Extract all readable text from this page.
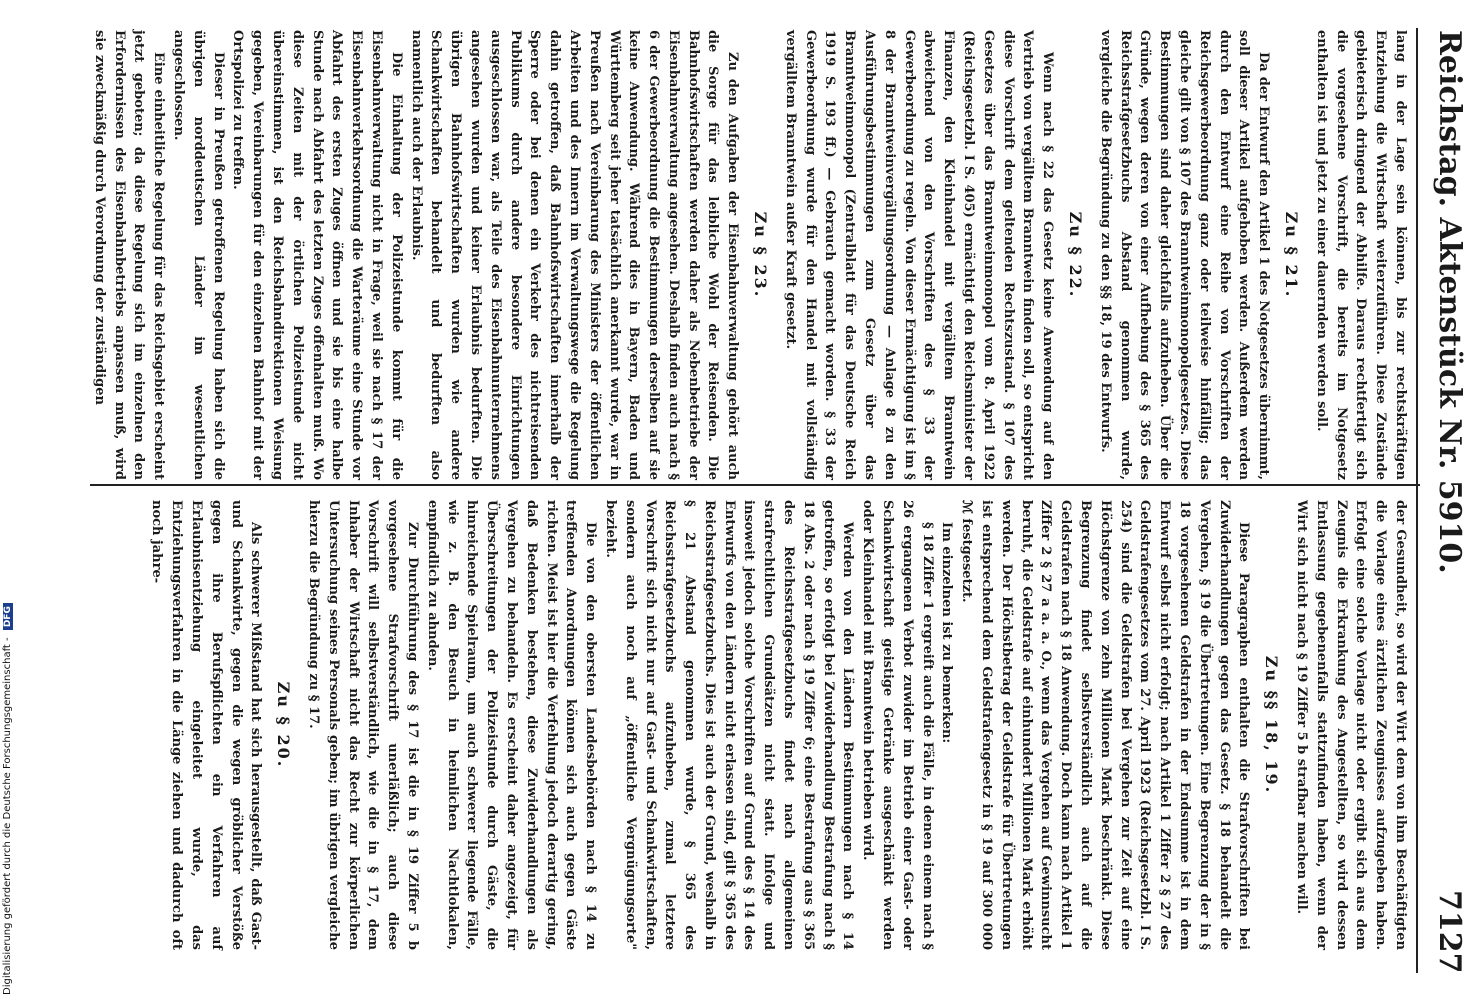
Reichstag. Aktenstück Nr. 5910.
7127

der Gesundheit, so wird der Wirt dem von ihm Beschäftigten die Vorlage eines ärztlichen Zeugnisses aufzugeben haben. Erfolgt eine solche Vorlage nicht oder ergibt sich aus dem Zeugnis die Erkrankung des Angestellten, so wird dessen Entlassung gegebenenfalls stattzufinden haben, wenn der Wirt sich nicht nach § 19 Ziffer 5 b strafbar machen will.

Zu §§ 18, 19.

Diese Paragraphen enthalten die Strafvorschriften bei Zuwiderhandlungen gegen das Gesetz. § 18 behandelt die Vergehen, § 19 die Übertretungen. Eine Begrenzung der in § 18 vorgesehenen Geldstrafen in der Endsumme ist in dem Entwurf selbst nicht erfolgt; nach Artikel 1 Ziffer 2 § 27 des Geldstrafengesetzes vom 27. April 1923 (Reichsgesetzbl. I S. 254) sind die Geldstrafen bei Vergehen zur Zeit auf eine Höchstgrenze von zehn Millionen Mark beschränkt. Diese Begrenzung findet selbstverständlich auch auf die Geldstrafen nach § 18 Anwendung. Doch kann nach Artikel 1 Ziffer 2 § 27 a a. a. O., wenn das Vergehen auf Gewinnsucht beruht, die Geldstrafe auf einhundert Millionen Mark erhöht werden. Der Höchstbetrag der Geldstrafe für Übertretungen ist entsprechend dem Geldstrafengesetz in § 19 auf 300 000 ℳ festgesetzt.

Im einzelnen ist zu bemerken:

§ 18 Ziffer 1 ergreift auch die Fälle, in denen einem nach § 26 ergangenen Verbot zuwider im Betrieb einer Gast- oder Schankwirtschaft geistige Getränke ausgeschänkt werden oder Kleinhandel mit Branntwein betrieben wird.

Werden von den Ländern Bestimmungen nach § 14 getroffen, so erfolgt bei Zuwiderhandlung Bestrafung nach § 18 Abs. 2 oder nach § 19 Ziffer 6; eine Bestrafung aus § 365 des Reichsstrafgesetzbuchs findet nach allgemeinen strafrechtlichen Grundsätzen nicht statt. Infolge und insoweit jedoch solche Vorschriften auf Grund des § 14 des Entwurfs von den Ländern nicht erlassen sind, gilt § 365 des Reichsstrafgesetzbuchs. Dies ist auch der Grund, weshalb in § 21 Abstand genommen wurde, § 365 des Reichsstrafgesetzbuchs aufzuheben, zumal letztere Vorschrift sich nicht nur auf Gast- und Schankwirtschaften, sondern auch noch auf „öffentliche Vergnügungsorte" bezieht.

Die von den obersten Landesbehörden nach § 14 zu treffenden Anordnungen können sich auch gegen Gäste richten. Meist ist hier die Verfehlung jedoch derartig gering, daß Bedenken bestehen, diese Zuwiderhandlungen als Vergehen zu behandeln. Es erscheint daher angezeigt, für Überschreitungen der Polizeistunde durch Gäste, die hinreichende Spielraum, um auch schwerer liegende Fälle, wie z. B. den Besuch in heimlichen Nachtlokalen, empfindlich zu ahnden.

Zur Durchführung des § 17 ist die in § 19 Ziffer 5 b vorgesehene Strafvorschrift unerläßlich; auch diese Vorschrift will selbstverständlich, wie die in § 17, dem Inhaber der Wirtschaft nicht das Recht zur körperlichen Untersuchung seines Personals geben; im übrigen vergleiche hierzu die Begründung zu § 17.

Zu § 20.

Als schwerer Mißstand hat sich herausgestellt, daß Gast- und Schankwirte, gegen die wegen gröblicher Verstöße gegen ihre Berufspflichten ein Verfahren auf Erlaubnisentziehung eingeleitet wurde, das Entziehungsverfahren in die Länge ziehen und dadurch oft noch jahre-

lang in der Lage sein können, bis zur rechtskräftigen Entziehung die Wirtschaft weiterzuführen. Diese Zustände gebieterisch dringend der Abhilfe. Daraus rechtfertigt sich die vorgesehene Vorschrift, die bereits im Notgesetz enthalten ist und jetzt zu einer dauernden werden soll.

Zu § 21.

Da der Entwurf den Artikel 1 des Notgesetzes übernimmt, soll dieser Artikel aufgehoben werden. Außerdem werden durch den Entwurf eine Reihe von Vorschriften der Reichsgewerbeordnung ganz oder teilweise hinfällig; das gleiche gilt von § 107 des Branntweinmonopolgesetzes. Diese Bestimmungen sind daher gleichfalls aufzuheben. Über die Gründe, wegen deren von einer Aufhebung des § 365 des Reichsstrafgesetzbuchs Abstand genommen wurde, vergleiche die Begründung zu den §§ 18, 19 des Entwurfs.

Zu § 22.

Wenn nach § 22 das Gesetz keine Anwendung auf den Vertrieb von vergälltem Branntwein finden soll, so entspricht diese Vorschrift dem geltenden Rechtszustand. § 107 des Gesetzes über das Branntweinmonopol vom 8. April 1922 (Reichsgesetzbl. I S. 405) ermächtigt den Reichsminister der Finanzen, den Kleinhandel mit vergälltem Branntwein abweichend von den Vorschriften des § 33 der Gewerbeordnung zu regeln. Von dieser Ermächtigung ist im § 8 der Branntweinvergällungsordnung — Anlage 8 zu den Ausführungsbestimmungen zum Gesetz über das Branntweinmonopol (Zentralblatt für das Deutsche Reich 1919 S. 193 ff.) — Gebrauch gemacht worden. § 33 der Gewerbeordnung wurde für den Handel mit vollständig vergälltem Branntwein außer Kraft gesetzt.

Zu § 23.

Zu den Aufgaben der Eisenbahnverwaltung gehört auch die Sorge für das leibliche Wohl der Reisenden. Die Bahnhofswirtschaften werden daher als Nebenbetriebe der Eisenbahnverwaltung angesehen. Deshalb finden auch nach § 6 der Gewerbeordnung die Bestimmungen derselben auf sie keine Anwendung. Während dies in Bayern, Baden und Württemberg seit jeher tatsächlich anerkannt wurde, war in Preußen nach Vereinbarung des Ministers der öffentlichen Arbeiten und des Innern im Verwaltungswege die Regelung dahin getroffen, daß Bahnhofswirtschaften innerhalb der Sperre oder bei denen ein Verkehr des nichtreisenden Publikums durch andere besondere Einrichtungen ausgeschlossen war, als Teile des Eisenbahnunternehmens angesehen wurden und keiner Erlaubnis bedurften. Die übrigen Bahnhofswirtschaften wurden wie andere Schankwirtschaften behandelt und bedurften also namentlich auch der Erlaubnis.

Die Einhaltung der Polizeistunde kommt für die Eisenbahnverwaltung nicht in Frage, weil sie nach § 17 der Eisenbahnverkehrsordnung die Warteräume eine Stunde vor Abfahrt des ersten Zuges öffnen und sie bis eine halbe Stunde nach Abfahrt des letzten Zuges offenhalten muß. Wo diese Zeiten mit der örtlichen Polizeistunde nicht übereinstimmen, ist den Reichsbahndirektionen Weisung gegeben, Vereinbarungen für den einzelnen Bahnhof mit der Ortspolizei zu treffen.

Dieser in Preußen getroffenen Regelung haben sich die übrigen norddeutschen Länder im wesentlichen angeschlossen.

Eine einheitliche Regelung für das Reichsgebiet erscheint jetzt geboten; da diese Regelung sich im einzelnen den Erfordernissen des Eisenbahnbetriebs anpassen muß, wird sie zweckmäßig durch Verordnung der zuständigen

Digitalisierung gefördert durch die Deutsche Forschungsgemeinschaft - DFG
